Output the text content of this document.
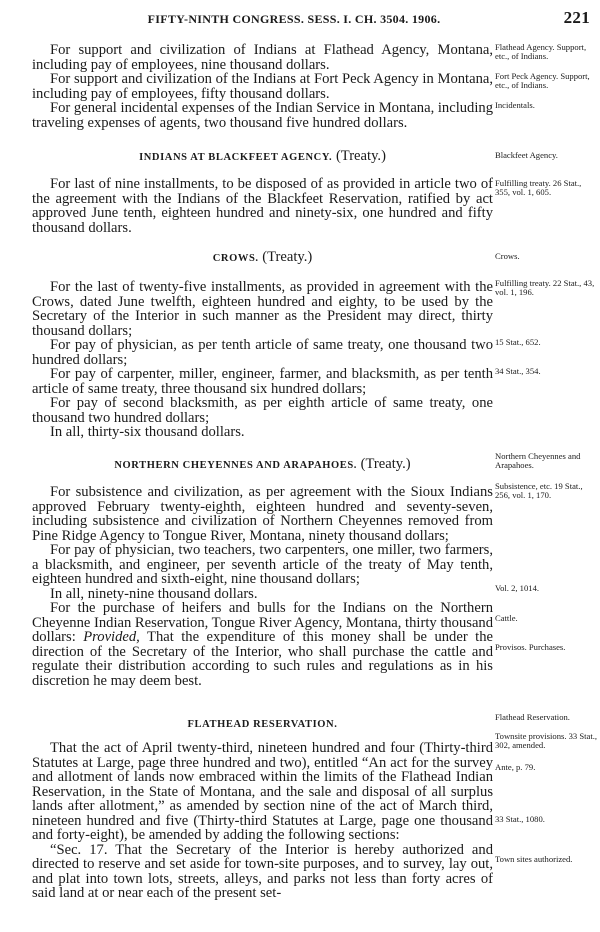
FIFTY-NINTH CONGRESS. SESS. I. CH. 3504. 1906.	221

For support and civilization of Indians at Flathead Agency, Montana, including pay of employees, nine thousand dollars.

For support and civilization of the Indians at Fort Peck Agency in Montana, including pay of employees, fifty thousand dollars.

For general incidental expenses of the Indian Service in Montana, including traveling expenses of agents, two thousand five hundred dollars.

INDIANS AT BLACKFEET AGENCY. (Treaty.)

For last of nine installments, to be disposed of as provided in article two of the agreement with the Indians of the Blackfeet Reservation, ratified by act approved June tenth, eighteen hundred and ninety-six, one hundred and fifty thousand dollars.

CROWS. (Treaty.)

For the last of twenty-five installments, as provided in agreement with the Crows, dated June twelfth, eighteen hundred and eighty, to be used by the Secretary of the Interior in such manner as the President may direct, thirty thousand dollars;

For pay of physician, as per tenth article of same treaty, one thousand two hundred dollars;

For pay of carpenter, miller, engineer, farmer, and blacksmith, as per tenth article of same treaty, three thousand six hundred dollars;

For pay of second blacksmith, as per eighth article of same treaty, one thousand two hundred dollars;

In all, thirty-six thousand dollars.

NORTHERN CHEYENNES AND ARAPAHOES. (Treaty.)

For subsistence and civilization, as per agreement with the Sioux Indians approved February twenty-eighth, eighteen hundred and seventy-seven, including subsistence and civilization of Northern Cheyennes removed from Pine Ridge Agency to Tongue River, Montana, ninety thousand dollars;

For pay of physician, two teachers, two carpenters, one miller, two farmers, a blacksmith, and engineer, per seventh article of the treaty of May tenth, eighteen hundred and sixth-eight, nine thousand dollars;

In all, ninety-nine thousand dollars.

For the purchase of heifers and bulls for the Indians on the Northern Cheyenne Indian Reservation, Tongue River Agency, Montana, thirty thousand dollars: Provided, That the expenditure of this money shall be under the direction of the Secretary of the Interior, who shall purchase the cattle and regulate their distribution according to such rules and regulations as in his discretion he may deem best.

FLATHEAD RESERVATION.

That the act of April twenty-third, nineteen hundred and four (Thirty-third Statutes at Large, page three hundred and two), entitled “An act for the survey and allotment of lands now embraced within the limits of the Flathead Indian Reservation, in the State of Montana, and the sale and disposal of all surplus lands after allotment,” as amended by section nine of the act of March third, nineteen hundred and five (Thirty-third Statutes at Large, page one thousand and forty-eight), be amended by adding the following sections:

“Sec. 17. That the Secretary of the Interior is hereby authorized and directed to reserve and set aside for town-site purposes, and to survey, lay out, and plat into town lots, streets, alleys, and parks not less than forty acres of said land at or near each of the present set-

Flathead Agency. Support, etc., of Indians.
Fort Peck Agency. Support, etc., of Indians.
Incidentals.
Blackfeet Agency.
Fulfilling treaty. 26 Stat., 355, vol. 1, 605.
Crows.
Fulfilling treaty. 22 Stat., 43, vol. 1, 196.
15 Stat., 652.
34 Stat., 354.
Northern Cheyennes and Arapahoes.
Subsistence, etc. 19 Stat., 256, vol. 1, 170.
Vol. 2, 1014.
Cattle.
Provisos. Purchases.
Flathead Reservation.
Townsite provisions. 33 Stat., 302, amended.
Ante, p. 79.
33 Stat., 1080.
Town sites authorized.
